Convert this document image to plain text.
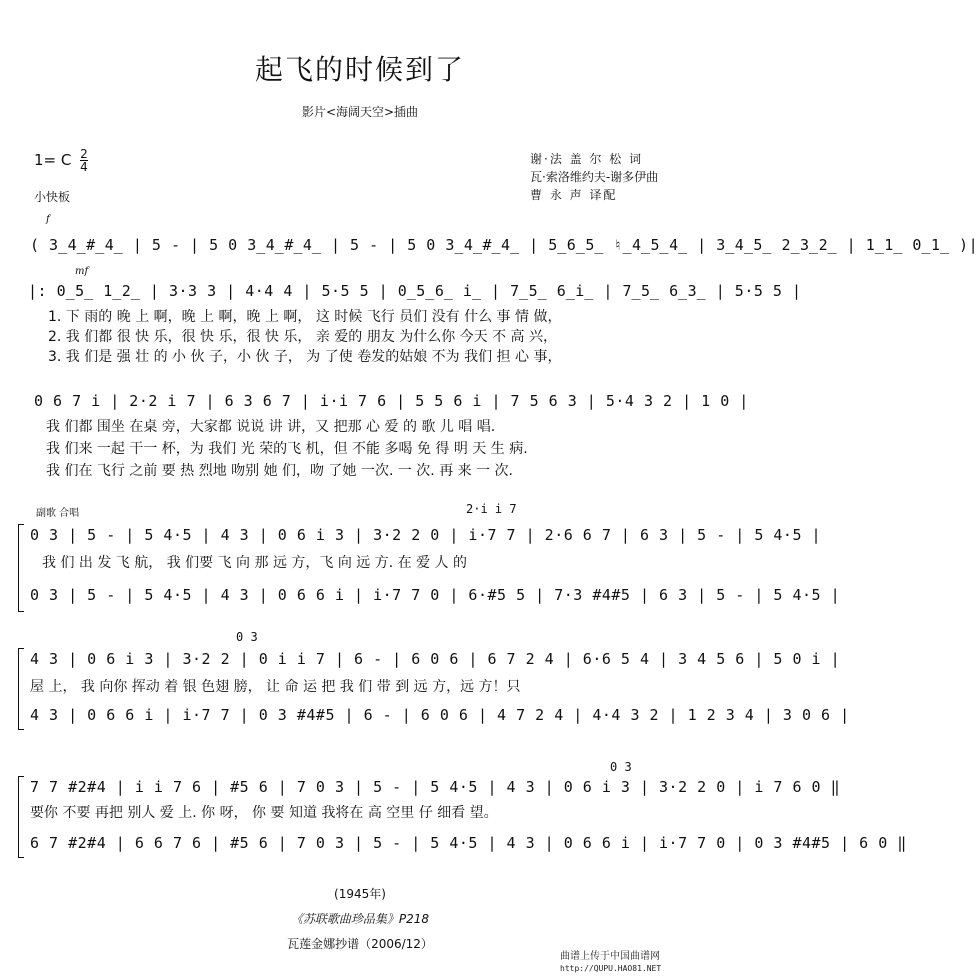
起飞的时候到了
影片<海阔天空>插曲
1= C $\frac{2}{4}$
小快板
谢·法 盖 尔 松 词
瓦·索洛维约夫-谢多伊曲
曹 永 声 译配
f
mf
( 3̲4̲#̲4̲ | 5 - | 5 0 3̲4̲#̲4̲ | 5 - | 5 0 3̲4̲#̲4̲ | 5̲6̲5̲ ♮̲4̲5̲4̲ | 3̲4̲5̲ 2̲3̲2̲ | 1̲1̲ 0̲1̲ )|
|: 0̲5̲ 1̲2̲ | 3·3 3 | 4·4 4 | 5·5 5 | 0̲5̲6̲ i̲ | 7̲5̲ 6̲i̲ | 7̲5̲ 6̲3̲ | 5·5 5 |
1. 下 雨的 晚 上 啊，晚 上 啊，晚 上 啊， 这 时候 飞行 员们 没有 什么 事 情 做，
2. 我 们都 很 快 乐，很 快 乐，很 快 乐， 亲 爱的 朋友 为什么你 今天 不 高 兴，
3. 我 们是 强 壮 的 小 伙 子，小 伙 子， 为 了使 卷发的姑娘 不为 我们 担 心 事，
0 6 7 i | 2·2 i 7 | 6 3 6 7 | i·i 7 6 | 5 5 6 i | 7 5 6 3 | 5·4 3 2 | 1 0 |
我 们都 围坐 在桌 旁，大家都 说说 讲 讲，又 把那 心 爱 的 歌 儿 唱 唱.
我 们来 一起 干一 杯，为 我们 光 荣的飞 机，但 不能 多喝 免 得 明 天 生 病.
我 们在 飞行 之前 要 热 烈地 吻别 她 们，吻 了她 一次. 一 次. 再 来 一 次.
副歌 合唱	2·i i 7
0 3 | 5 - | 5 4·5 | 4 3 | 0 6 i 3 | 3·2 2 0 | i·7 7 | 2·6 6 7 | 6 3 | 5 - | 5 4·5 |
我 们 出 发 飞 航， 我 们要 飞 向 那 远 方，飞 向 远 方. 在 爱 人 的
0 3 | 5 - | 5 4·5 | 4 3 | 0 6 6 i | i·7 7 0 | 6·#5 5 | 7·3 #4#5 | 6 3 | 5 - | 5 4·5 |
0 3
4 3 | 0 6 i 3 | 3·2 2 | 0 i i 7 | 6 - | 6 0 6 | 6 7 2 4 | 6·6 5 4 | 3 4 5 6 | 5 0 i |
屋 上， 我 向你 挥动 着 银 色翅 膀， 让 命 运 把 我 们 带 到 远 方，远 方！只
4 3 | 0 6 6 i | i·7 7 | 0 3 #4#5 | 6 - | 6 0 6 | 4 7 2 4 | 4·4 3 2 | 1 2 3 4 | 3 0 6 |
0 3
7 7 #2#4 | i i 7 6 | #5 6 | 7 0 3 | 5 - | 5 4·5 | 4 3 | 0 6 i 3 | 3·2 2 0 | i 7 6 0 ‖
要你 不要 再把 别人 爱 上. 你 呀， 你 要 知道 我将在 高 空里 仔 细看 望。
6 7 #2#4 | 6 6 7 6 | #5 6 | 7 0 3 | 5 - | 5 4·5 | 4 3 | 0 6 6 i | i·7 7 0 | 0 3 #4#5 | 6 0 ‖
(1945年)
《苏联歌曲珍品集》P218
瓦莲金娜抄谱（2006/12）
曲谱上传于中国曲谱网
http://QUPU.HAO81.NET
